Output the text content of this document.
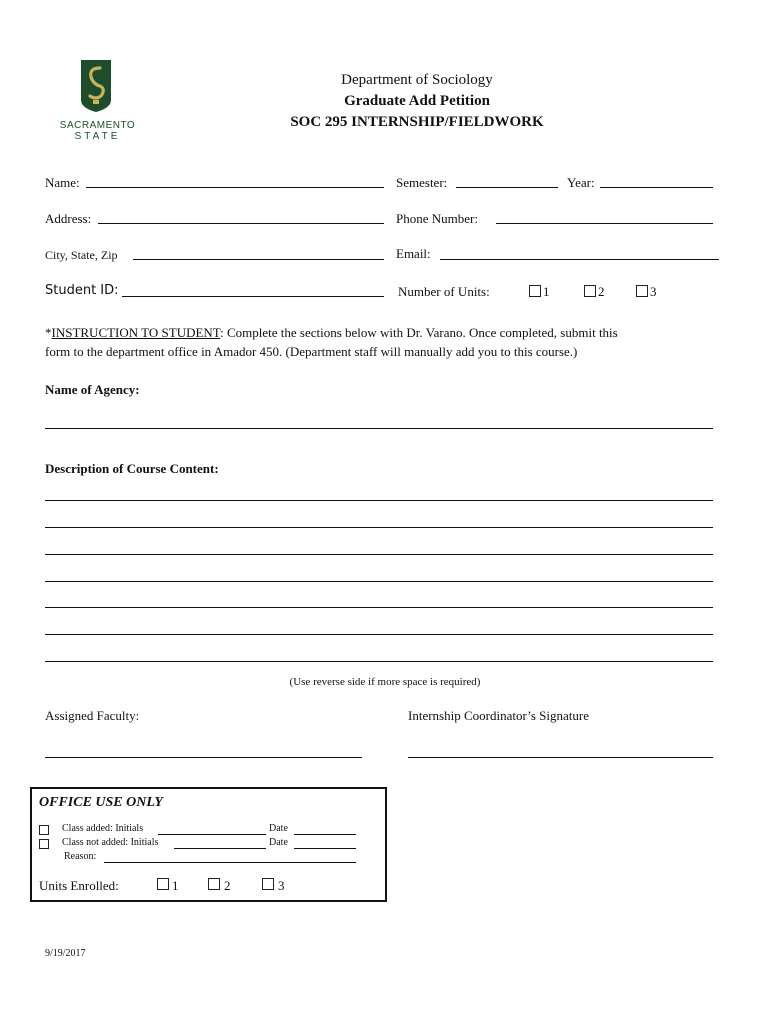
SACRAMENTO
STATE
Department of Sociology
Graduate Add Petition
SOC 295 INTERNSHIP/FIELDWORK
Name:	Semester:	Year:
Address:	Phone Number:
City, State, Zip	Email:
Student ID:	Number of Units:	1	2	3
*INSTRUCTION TO STUDENT: Complete the sections below with Dr. Varano. Once completed, submit this
form to the department office in Amador 450. (Department staff will manually add you to this course.)
Name of Agency:
Description of Course Content:
(Use reverse side if more space is required)
Assigned Faculty:	Internship Coordinator’s Signature
OFFICE USE ONLY
Class added: Initials	Date
Class not added: Initials	Date
Reason:
Units Enrolled:	1	2	3
9/19/2017
